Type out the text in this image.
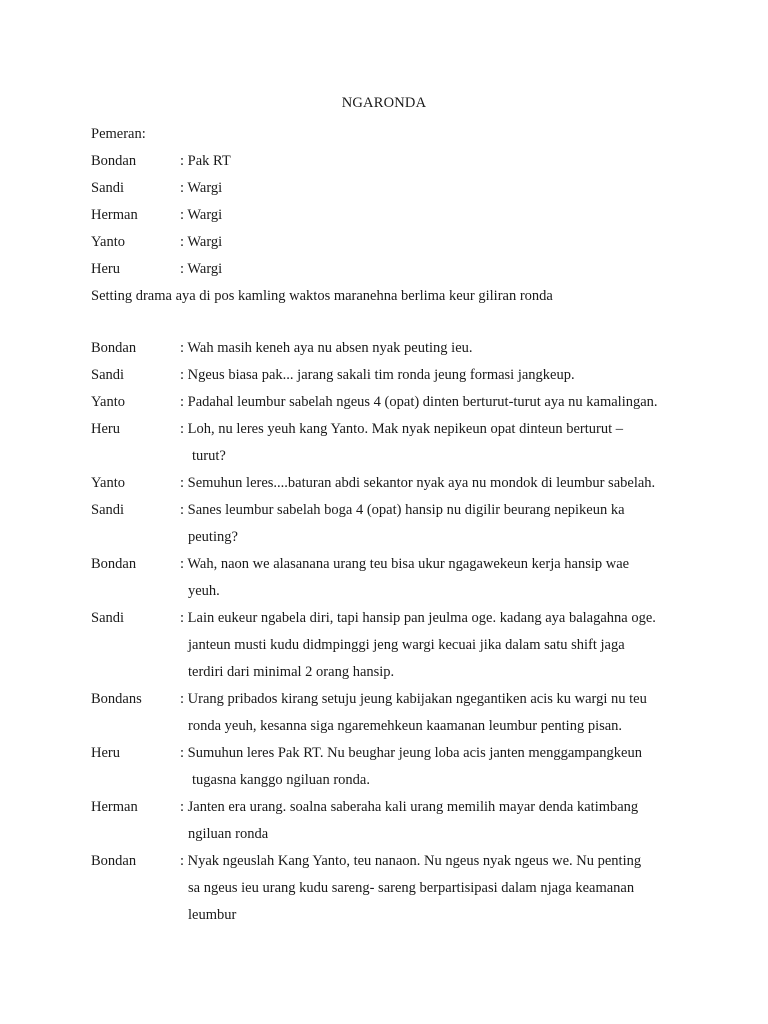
NGARONDA
Pemeran:
Bondan	: Pak RT
Sandi	: Wargi
Herman	: Wargi
Yanto	: Wargi
Heru	: Wargi
Setting drama aya di pos kamling waktos maranehna berlima keur giliran ronda
Bondan	: Wah masih keneh aya nu absen nyak peuting ieu.
Sandi	: Ngeus biasa pak... jarang sakali tim ronda jeung formasi jangkeup.
Yanto	: Padahal leumbur sabelah ngeus 4 (opat) dinten berturut-turut aya nu kamalingan.
Heru	: Loh, nu leres yeuh kang Yanto. Mak nyak nepikeun opat dinteun berturut –
turut?
Yanto	: Semuhun leres....baturan abdi sekantor nyak aya nu mondok di leumbur sabelah.
Sandi	: Sanes leumbur sabelah boga 4 (opat) hansip nu digilir beurang nepikeun ka
peuting?
Bondan	: Wah, naon we alasanana urang teu bisa ukur ngagawekeun kerja hansip wae
yeuh.
Sandi	: Lain eukeur ngabela diri, tapi hansip pan jeulma oge. kadang aya balagahna oge.
janteun musti kudu didmpinggi jeng wargi kecuai jika dalam satu shift jaga
terdiri dari minimal 2 orang hansip.
Bondans	: Urang pribados kirang setuju jeung kabijakan ngegantiken acis ku wargi nu teu
ronda yeuh, kesanna siga ngaremehkeun kaamanan leumbur penting pisan.
Heru	: Sumuhun leres Pak RT. Nu beughar jeung loba acis janten menggampangkeun
tugasna kanggo ngiluan ronda.
Herman	: Janten era urang. soalna saberaha kali urang memilih mayar denda katimbang
ngiluan ronda
Bondan	: Nyak ngeuslah Kang Yanto, teu nanaon. Nu ngeus nyak ngeus we. Nu penting
sa ngeus ieu urang kudu sareng- sareng berpartisipasi dalam njaga keamanan
leumbur
